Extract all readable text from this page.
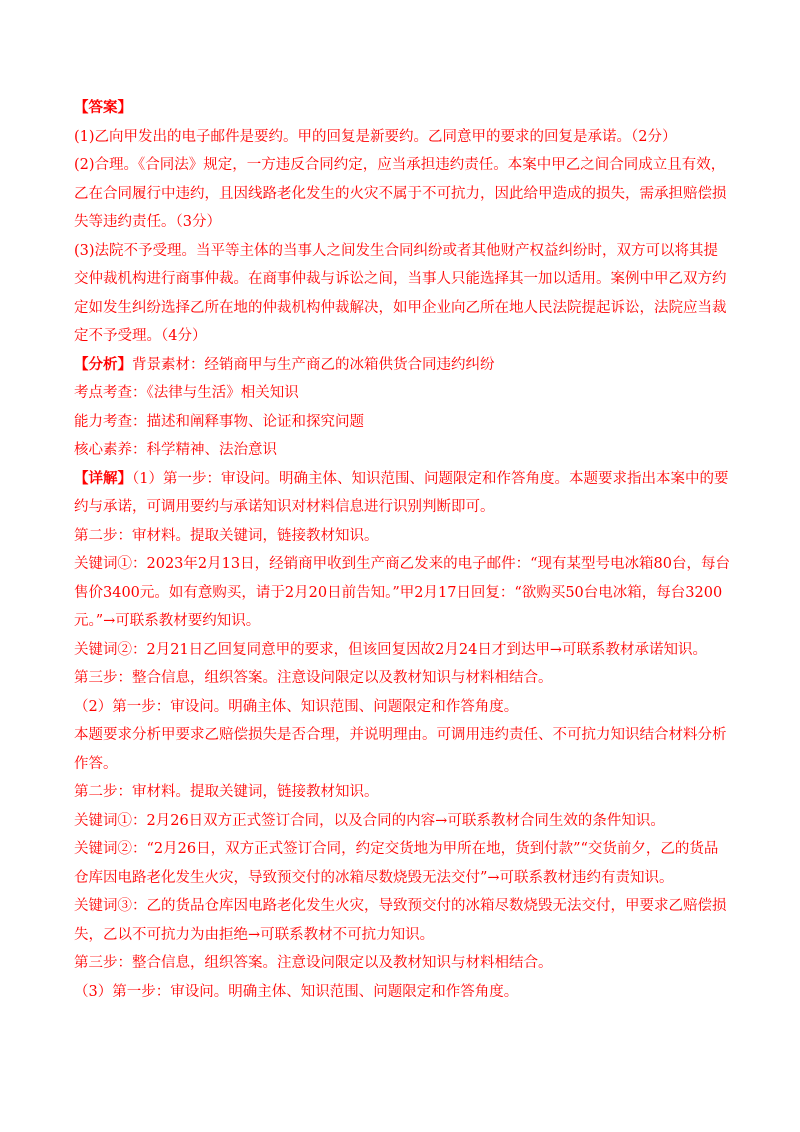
【答案】(1)乙向甲发出的电子邮件是要约。甲的回复是新要约。乙同意甲的要求的回复是承诺。（2分）

(2)合理。《合同法》规定，一方违反合同约定，应当承担违约责任。本案中甲乙之间合同成立且有效，乙在合同履行中违约，且因线路老化发生的火灾不属于不可抗力，因此给甲造成的损失，需承担赔偿损失等违约责任。（3分）

(3)法院不予受理。当平等主体的当事人之间发生合同纠纷或者其他财产权益纠纷时，双方可以将其提交仲裁机构进行商事仲裁。在商事仲裁与诉讼之间，当事人只能选择其一加以适用。案例中甲乙双方约定如发生纠纷选择乙所在地的仲裁机构仲裁解决，如甲企业向乙所在地人民法院提起诉讼，法院应当裁定不予受理。（4分）

【分析】背景素材：经销商甲与生产商乙的冰箱供货合同违约纠纷

考点考查：《法律与生活》相关知识

能力考查：描述和阐释事物、论证和探究问题

核心素养：科学精神、法治意识

【详解】（1）第一步：审设问。明确主体、知识范围、问题限定和作答角度。本题要求指出本案中的要约与承诺，可调用要约与承诺知识对材料信息进行识别判断即可。

第二步：审材料。提取关键词，链接教材知识。

关键词①：2023年2月13日，经销商甲收到生产商乙发来的电子邮件：“现有某型号电冰箱80台，每台售价3400元。如有意购买，请于2月20日前告知。”甲2月17日回复：“欲购买50台电冰箱，每台3200元。”→可联系教材要约知识。

关键词②：2月21日乙回复同意甲的要求，但该回复因故2月24日才到达甲→可联系教材承诺知识。

第三步：整合信息，组织答案。注意设问限定以及教材知识与材料相结合。

（2）第一步：审设问。明确主体、知识范围、问题限定和作答角度。

本题要求分析甲要求乙赔偿损失是否合理，并说明理由。可调用违约责任、不可抗力知识结合材料分析作答。

第二步：审材料。提取关键词，链接教材知识。

关键词①：2月26日双方正式签订合同，以及合同的内容→可联系教材合同生效的条件知识。

关键词②：“2月26日，双方正式签订合同，约定交货地为甲所在地，货到付款”“交货前夕，乙的货品仓库因电路老化发生火灾，导致预交付的冰箱尽数烧毁无法交付”→可联系教材违约有责知识。

关键词③：乙的货品仓库因电路老化发生火灾，导致预交付的冰箱尽数烧毁无法交付，甲要求乙赔偿损失，乙以不可抗力为由拒绝→可联系教材不可抗力知识。

第三步：整合信息，组织答案。注意设问限定以及教材知识与材料相结合。

（3）第一步：审设问。明确主体、知识范围、问题限定和作答角度。
